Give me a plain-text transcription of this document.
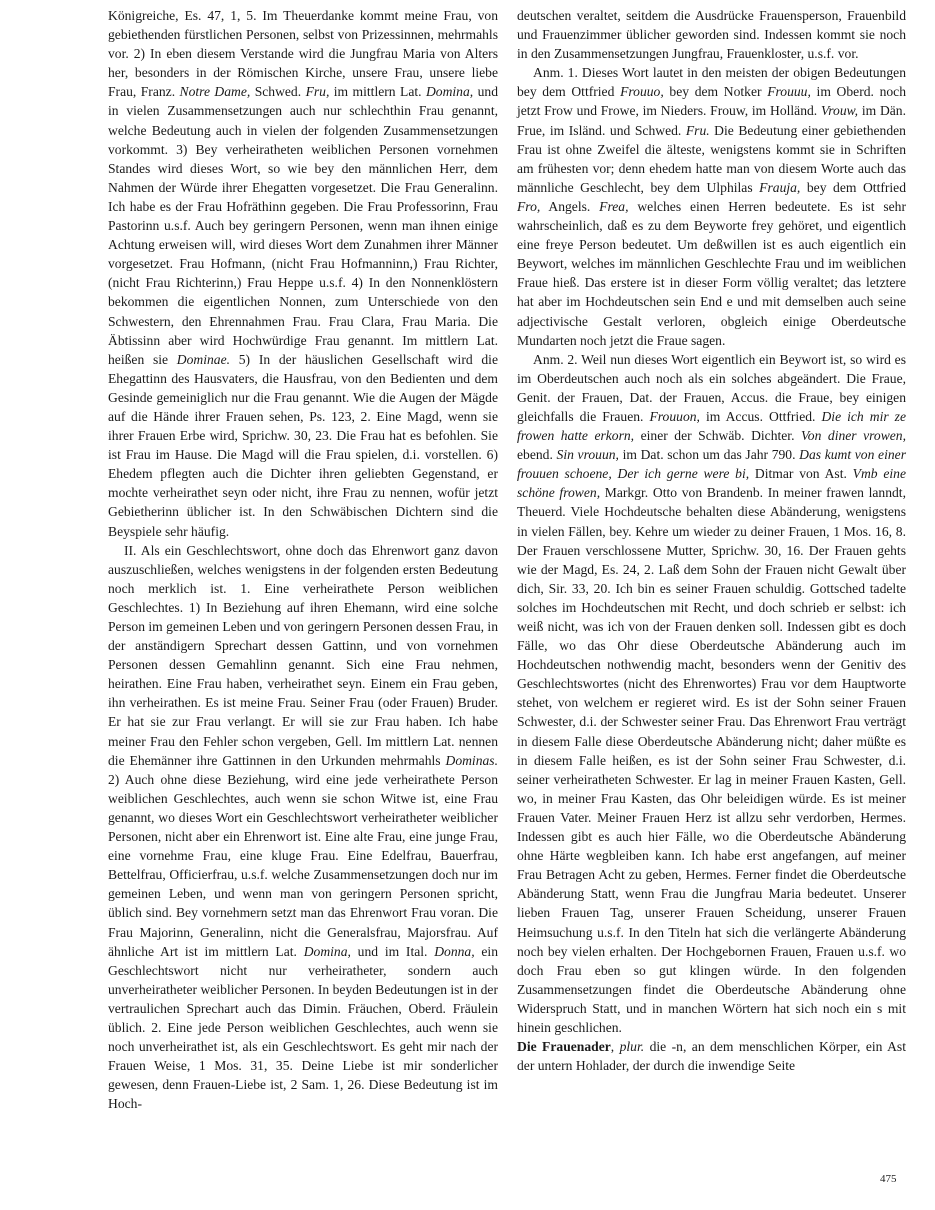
Königreiche, Es. 47, 1, 5. Im Theuerdanke kommt meine Frau, von gebiethenden fürstlichen Personen, selbst von Prizessinnen, mehrmahls vor. 2) In eben diesem Verstande wird die Jungfrau Maria von Alters her, besonders in der Römischen Kirche, unsere Frau, unsere liebe Frau, Franz. Notre Dame, Schwed. Fru, im mittlern Lat. Domina, und in vielen Zusammensetzungen auch nur schlechthin Frau genannt, welche Bedeutung auch in vielen der folgenden Zusammensetzungen vorkommt. 3) Bey verheiratheten weiblichen Personen vornehmen Standes wird dieses Wort, so wie bey den männlichen Herr, dem Nahmen der Würde ihrer Ehegatten vorgesetzet. Die Frau Generalinn. Ich habe es der Frau Hofräthinn gegeben. Die Frau Professorinn, Frau Pastorinn u.s.f. Auch bey geringern Personen, wenn man ihnen einige Achtung erweisen will, wird dieses Wort dem Zunahmen ihrer Männer vorgesetzet. Frau Hofmann, (nicht Frau Hofmanninn,) Frau Richter, (nicht Frau Richterinn,) Frau Heppe u.s.f. 4) In den Nonnenklöstern bekommen die eigentlichen Nonnen, zum Unterschiede von den Schwestern, den Ehrennahmen Frau. Frau Clara, Frau Maria. Die Äbtissinn aber wird Hochwürdige Frau genannt. Im mittlern Lat. heißen sie Dominae. 5) In der häuslichen Gesellschaft wird die Ehegattinn des Hausvaters, die Hausfrau, von den Bedienten und dem Gesinde gemeiniglich nur die Frau genannt. Wie die Augen der Mägde auf die Hände ihrer Frauen sehen, Ps. 123, 2. Eine Magd, wenn sie ihrer Frauen Erbe wird, Sprichw. 30, 23. Die Frau hat es befohlen. Sie ist Frau im Hause. Die Magd will die Frau spielen, d.i. vorstellen. 6) Ehedem pflegten auch die Dichter ihren geliebten Gegenstand, er mochte verheirathet seyn oder nicht, ihre Frau zu nennen, wofür jetzt Gebietherinn üblicher ist. In den Schwäbischen Dichtern sind die Beyspiele sehr häufig.

II. Als ein Geschlechtswort, ohne doch das Ehrenwort ganz davon auszuschließen, welches wenigstens in der folgenden ersten Bedeutung noch merklich ist. 1. Eine verheirathete Person weiblichen Geschlechtes. 1) In Beziehung auf ihren Ehemann, wird eine solche Person im gemeinen Leben und von geringern Personen dessen Frau, in der anständigern Sprechart dessen Gattinn, und von vornehmen Personen dessen Gemahlinn genannt. Sich eine Frau nehmen, heirathen. Eine Frau haben, verheirathet seyn. Einem ein Frau geben, ihn verheirathen. Es ist meine Frau. Seiner Frau (oder Frauen) Bruder. Er hat sie zur Frau verlangt. Er will sie zur Frau haben. Ich habe meiner Frau den Fehler schon vergeben, Gell. Im mittlern Lat. nennen die Ehemänner ihre Gattinnen in den Urkunden mehrmahls Dominas. 2) Auch ohne diese Beziehung, wird eine jede verheirathete Person weiblichen Geschlechtes, auch wenn sie schon Witwe ist, eine Frau genannt, wo dieses Wort ein Geschlechtswort verheiratheter weiblicher Personen, nicht aber ein Ehrenwort ist. Eine alte Frau, eine junge Frau, eine vornehme Frau, eine kluge Frau. Eine Edelfrau, Bauerfrau, Bettelfrau, Officierfrau, u.s.f. welche Zusammensetzungen doch nur im gemeinen Leben, und wenn man von geringern Personen spricht, üblich sind. Bey vornehmern setzt man das Ehrenwort Frau voran. Die Frau Majorinn, Generalinn, nicht die Generalsfrau, Majorsfrau. Auf ähnliche Art ist im mittlern Lat. Domina, und im Ital. Donna, ein Geschlechtswort nicht nur verheiratheter, sondern auch unverheiratheter weiblicher Personen. In beyden Bedeutungen ist in der vertraulichen Sprechart auch das Dimin. Fräuchen, Oberd. Fräulein üblich. 2. Eine jede Person weiblichen Geschlechtes, auch wenn sie noch unverheirathet ist, als ein Geschlechtswort. Es geht mir nach der Frauen Weise, 1 Mos. 31, 35. Deine Liebe ist mir sonderlicher gewesen, denn Frauen-Liebe ist, 2 Sam. 1, 26. Diese Bedeutung ist im Hoch-

deutschen veraltet, seitdem die Ausdrücke Frauensperson, Frauenbild und Frauenzimmer üblicher geworden sind. Indessen kommt sie noch in den Zusammensetzungen Jungfrau, Frauenkloster, u.s.f. vor.

Anm. 1. Dieses Wort lautet in den meisten der obigen Bedeutungen bey dem Ottfried Frouuo, bey dem Notker Frouuu, im Oberd. noch jetzt Frow und Frowe, im Nieders. Frouw, im Holländ. Vrouw, im Dän. Frue, im Isländ. und Schwed. Fru. Die Bedeutung einer gebiethenden Frau ist ohne Zweifel die älteste, wenigstens kommt sie in Schriften am frühesten vor; denn ehedem hatte man von diesem Worte auch das männliche Geschlecht, bey dem Ulphilas Frauja, bey dem Ottfried Fro, Angels. Frea, welches einen Herren bedeutete. Es ist sehr wahrscheinlich, daß es zu dem Beyworte frey gehöret, und eigentlich eine freye Person bedeutet. Um deßwillen ist es auch eigentlich ein Beywort, welches im männlichen Geschlechte Frau und im weiblichen Fraue hieß. Das erstere ist in dieser Form völlig veraltet; das letztere hat aber im Hochdeutschen sein End e und mit demselben auch seine adjectivische Gestalt verloren, obgleich einige Oberdeutsche Mundarten noch jetzt die Fraue sagen.

Anm. 2. Weil nun dieses Wort eigentlich ein Beywort ist, so wird es im Oberdeutschen auch noch als ein solches abgeändert. Die Fraue, Genit. der Frauen, Dat. der Frauen, Accus. die Fraue, bey einigen gleichfalls die Frauen. Frouuon, im Accus. Ottfried. Die ich mir ze frowen hatte erkorn, einer der Schwäb. Dichter. Von diner vrowen, ebend. Sin vrouun, im Dat. schon um das Jahr 790. Das kumt von einer frouuen schoene, Der ich gerne were bi, Ditmar von Ast. Vmb eine schöne frowen, Markgr. Otto von Brandenb. In meiner frawen lanndt, Theuerd. Viele Hochdeutsche behalten diese Abänderung, wenigstens in vielen Fällen, bey. Kehre um wieder zu deiner Frauen, 1 Mos. 16, 8. Der Frauen verschlossene Mutter, Sprichw. 30, 16. Der Frauen gehts wie der Magd, Es. 24, 2. Laß dem Sohn der Frauen nicht Gewalt über dich, Sir. 33, 20. Ich bin es seiner Frauen schuldig. Gottsched tadelte solches im Hochdeutschen mit Recht, und doch schrieb er selbst: ich weiß nicht, was ich von der Frauen denken soll. Indessen gibt es doch Fälle, wo das Ohr diese Oberdeutsche Abänderung auch im Hochdeutschen nothwendig macht, besonders wenn der Genitiv des Geschlechtswortes (nicht des Ehrenwortes) Frau vor dem Hauptworte stehet, von welchem er regieret wird. Es ist der Sohn seiner Frauen Schwester, d.i. der Schwester seiner Frau. Das Ehrenwort Frau verträgt in diesem Falle diese Oberdeutsche Abänderung nicht; daher müßte es in diesem Falle heißen, es ist der Sohn seiner Frau Schwester, d.i. seiner verheiratheten Schwester. Er lag in meiner Frauen Kasten, Gell. wo, in meiner Frau Kasten, das Ohr beleidigen würde. Es ist meiner Frauen Vater. Meiner Frauen Herz ist allzu sehr verdorben, Hermes. Indessen gibt es auch hier Fälle, wo die Oberdeutsche Abänderung ohne Härte wegbleiben kann. Ich habe erst angefangen, auf meiner Frau Betragen Acht zu geben, Hermes. Ferner findet die Oberdeutsche Abänderung Statt, wenn Frau die Jungfrau Maria bedeutet. Unserer lieben Frauen Tag, unserer Frauen Scheidung, unserer Frauen Heimsuchung u.s.f. In den Titeln hat sich die verlängerte Abänderung noch bey vielen erhalten. Der Hochgebornen Frauen, Frauen u.s.f. wo doch Frau eben so gut klingen würde. In den folgenden Zusammensetzungen findet die Oberdeutsche Abänderung ohne Widerspruch Statt, und in manchen Wörtern hat sich noch ein s mit hinein geschlichen.

Die Frauenader, plur. die -n, an dem menschlichen Körper, ein Ast der untern Hohlader, der durch die inwendige Seite

475
